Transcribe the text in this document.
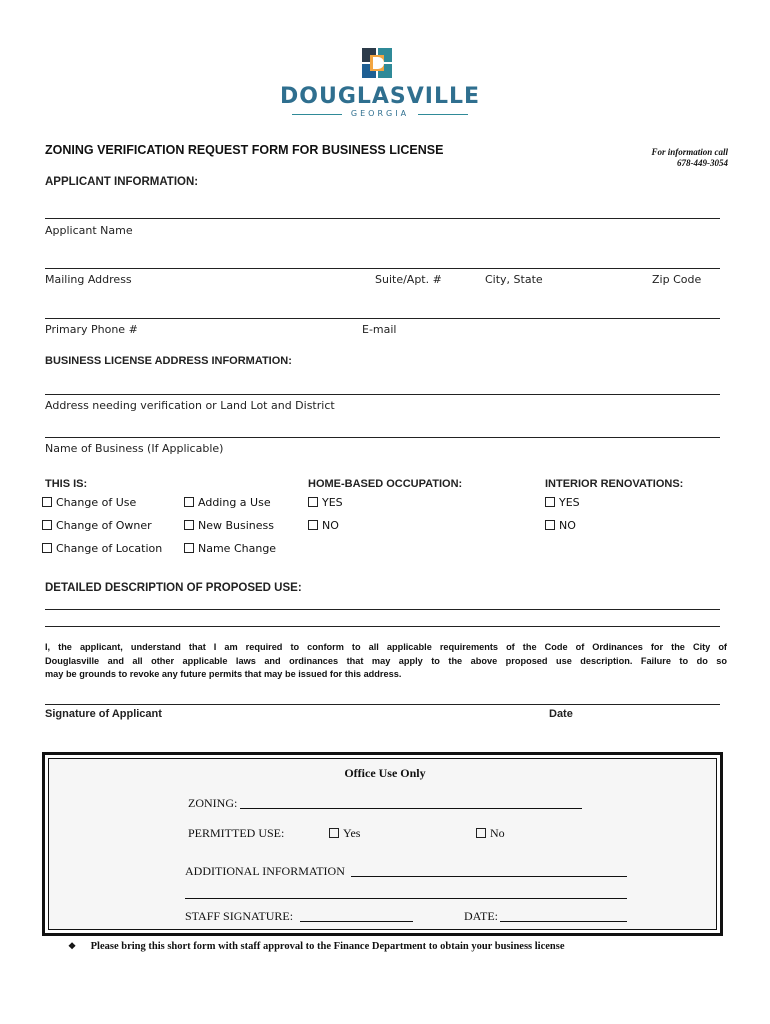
DOUGLASVILLE
GEORGIA
ZONING VERIFICATION REQUEST FORM FOR BUSINESS LICENSE	For information call
678-449-3054
APPLICANT INFORMATION:
Applicant Name
Mailing Address	Suite/Apt. #	City, State	Zip Code
Primary Phone #	E-mail
BUSINESS LICENSE ADDRESS INFORMATION:
Address needing verification or Land Lot and District
Name of Business (If Applicable)
THIS IS:
Change of Use	Adding a Use
Change of Owner	New Business
Change of Location	Name Change
HOME-BASED OCCUPATION:
YES
NO
INTERIOR RENOVATIONS:
YES
NO
DETAILED DESCRIPTION OF PROPOSED USE:
I, the applicant, understand that I am required to conform to all applicable requirements of the Code of Ordinances for the City of
Douglasville and all other applicable laws and ordinances that may apply to the above proposed use description. Failure to do so
may be grounds to revoke any future permits that may be issued for this address.
Signature of Applicant	Date
Office Use Only
ZONING:
PERMITTED USE:	Yes	No
ADDITIONAL INFORMATION
STAFF SIGNATURE:	DATE:
❖ Please bring this short form with staff approval to the Finance Department to obtain your business license
